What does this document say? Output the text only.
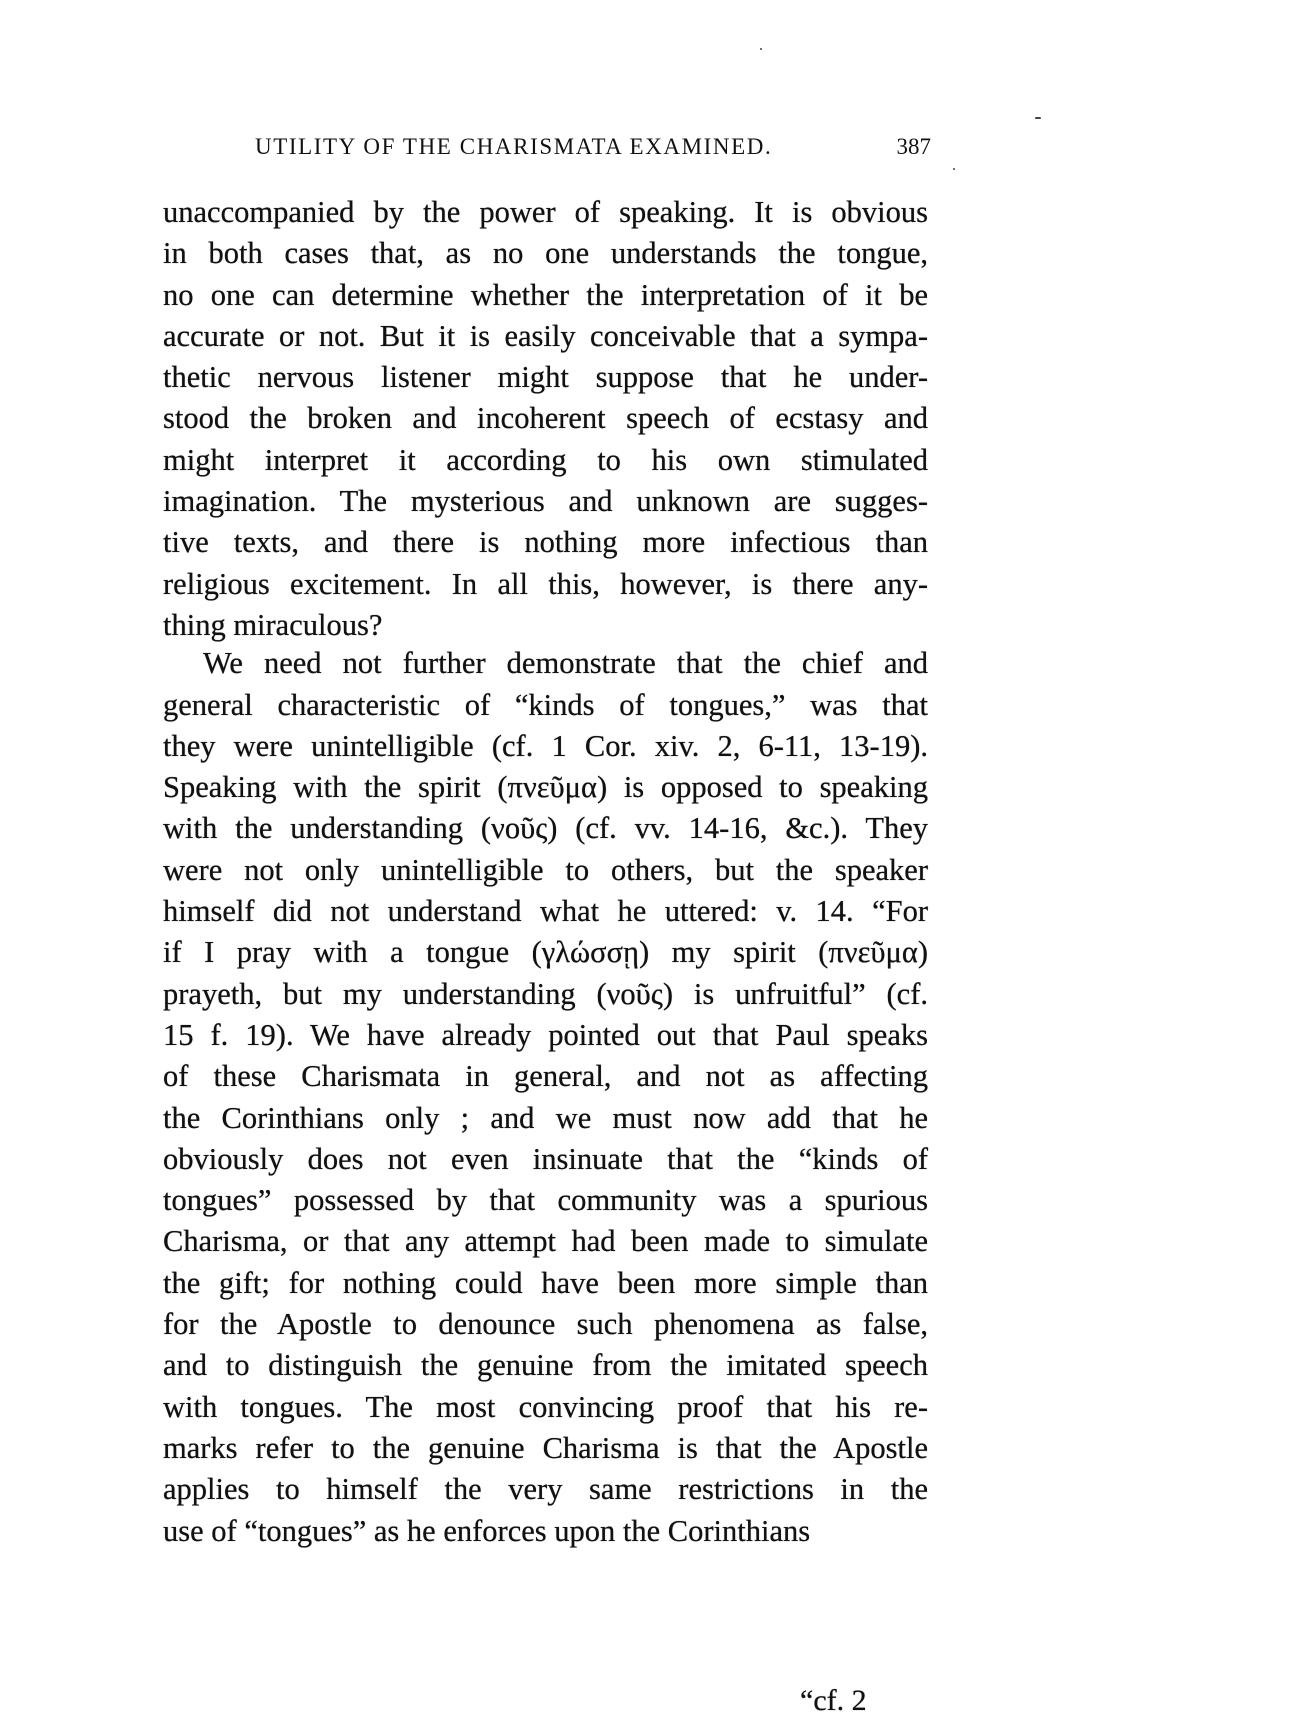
UTILITY OF THE CHARISMATA EXAMINED.	387
unaccompanied by the power of speaking. It is obvious
in both cases that, as no one understands the tongue,
no one can determine whether the interpretation of it be
accurate or not. But it is easily conceivable that a sympa-
thetic nervous listener might suppose that he under-
stood the broken and incoherent speech of ecstasy and
might interpret it according to his own stimulated
imagination. The mysterious and unknown are sugges-
tive texts, and there is nothing more infectious than
religious excitement. In all this, however, is there any-
thing miraculous?
We need not further demonstrate that the chief and
general characteristic of “kinds of tongues,” was that
they were unintelligible (cf. 1 Cor. xiv. 2, 6-11, 13-19).
Speaking with the spirit (πνεῦμα) is opposed to speaking
with the understanding (νοῦς) (cf. vv. 14-16, &c.). They
were not only unintelligible to others, but the speaker
himself did not understand what he uttered: v. 14. “For
if I pray with a tongue (γλώσσῃ) my spirit (πνεῦμα)
prayeth, but my understanding (νοῦς) is unfruitful” (cf.
15 f. 19). We have already pointed out that Paul speaks
of these Charismata in general, and not as affecting
the Corinthians only ; and we must now add that he
obviously does not even insinuate that the “kinds of
tongues” possessed by that community was a spurious
Charisma, or that any attempt had been made to simulate
the gift; for nothing could have been more simple than
for the Apostle to denounce such phenomena as false,
and to distinguish the genuine from the imitated speech
with tongues. The most convincing proof that his re-
marks refer to the genuine Charisma is that the Apostle
applies to himself the very same restrictions in the
use of “tongues” as he enforces upon the Corinthians
“cf. 2
